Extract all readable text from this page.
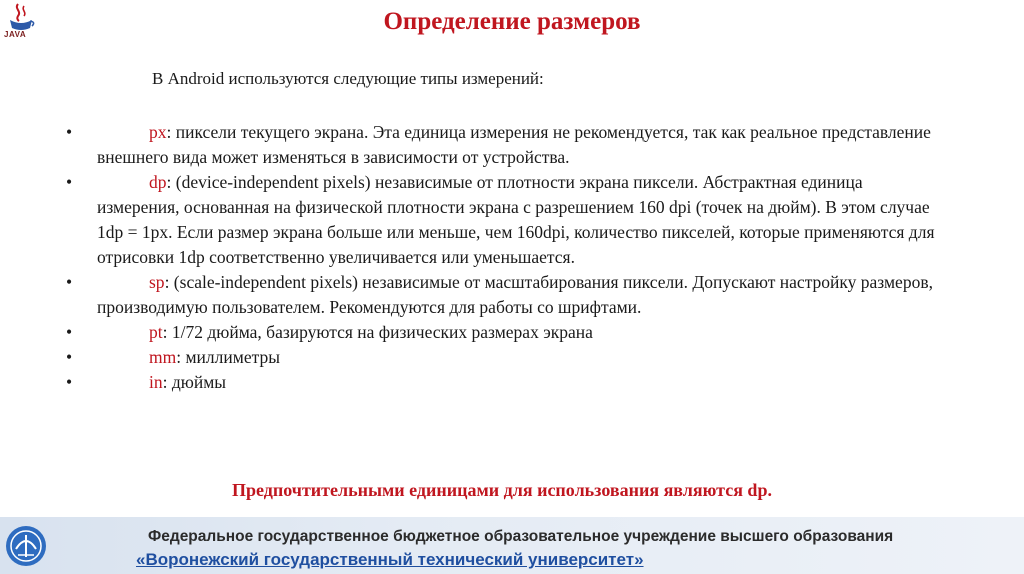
JAVA	Определение размеров
В Android используются следующие типы измерений:
•	px: пиксели текущего экрана. Эта единица измерения не рекомендуется, так как реальное представление внешнего вида может изменяться в зависимости от устройства.
•	dp: (device-independent pixels) независимые от плотности экрана пиксели. Абстрактная единица измерения, основанная на физической плотности экрана с разрешением 160 dpi (точек на дюйм). В этом случае 1dp = 1px. Если размер экрана больше или меньше, чем 160dpi, количество пикселей, которые применяются для отрисовки 1dp соответственно увеличивается или уменьшается.
•	sp: (scale-independent pixels) независимые от масштабирования пиксели. Допускают настройку размеров, производимую пользователем. Рекомендуются для работы со шрифтами.
•	pt: 1/72 дюйма, базируются на физических размерах экрана
•	mm: миллиметры
•	in: дюймы
Предпочтительными единицами для использования являются dp.
Федеральное государственное бюджетное образовательное учреждение высшего образования
«Воронежский государственный технический университет»
